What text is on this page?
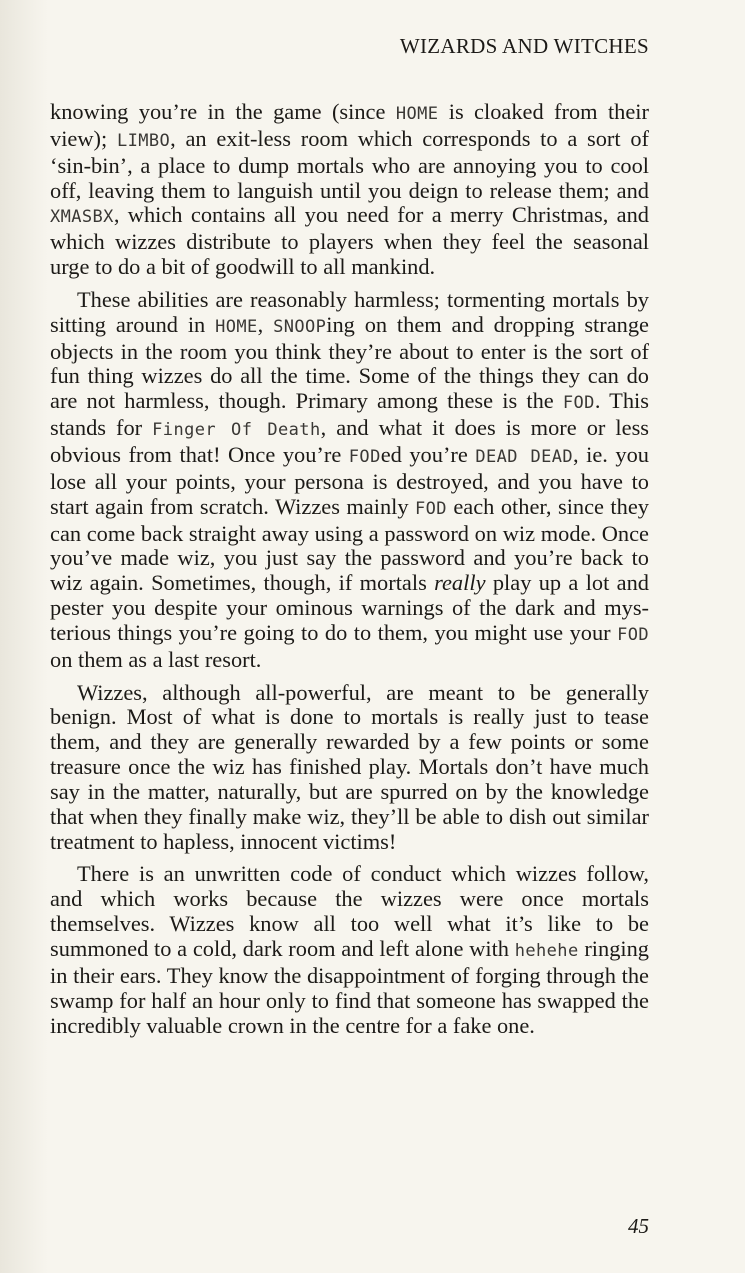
WIZARDS AND WITCHES

knowing you’re in the game (since HOME is cloaked from their view); LIMBO, an exit-less room which corresponds to a sort of ‘sin-bin’, a place to dump mortals who are annoying you to cool off, leaving them to languish until you deign to release them; and XMASBX, which contains all you need for a merry Christmas, and which wizzes distribute to players when they feel the seasonal urge to do a bit of goodwill to all mankind.

These abilities are reasonably harmless; tormenting mortals by sitting around in HOME, SNOOPing on them and dropping strange objects in the room you think they’re about to enter is the sort of fun thing wizzes do all the time. Some of the things they can do are not harmless, though. Primary among these is the FOD. This stands for Finger Of Death, and what it does is more or less obvious from that! Once you’re FODed you’re DEAD DEAD, ie. you lose all your points, your persona is destroyed, and you have to start again from scratch. Wizzes mainly FOD each other, since they can come back straight away using a password on wiz mode. Once you’ve made wiz, you just say the password and you’re back to wiz again. Sometimes, though, if mortals really play up a lot and pester you despite your ominous warnings of the dark and mys- terious things you’re going to do to them, you might use your FOD on them as a last resort.

Wizzes, although all-powerful, are meant to be generally benign. Most of what is done to mortals is really just to tease them, and they are generally rewarded by a few points or some treasure once the wiz has finished play. Mortals don’t have much say in the matter, naturally, but are spurred on by the knowledge that when they finally make wiz, they’ll be able to dish out similar treatment to hapless, innocent victims!

There is an unwritten code of conduct which wizzes follow, and which works because the wizzes were once mortals themselves. Wizzes know all too well what it’s like to be summoned to a cold, dark room and left alone with hehehe ringing in their ears. They know the disappointment of forging through the swamp for half an hour only to find that someone has swapped the incredibly valuable crown in the centre for a fake one.

45
